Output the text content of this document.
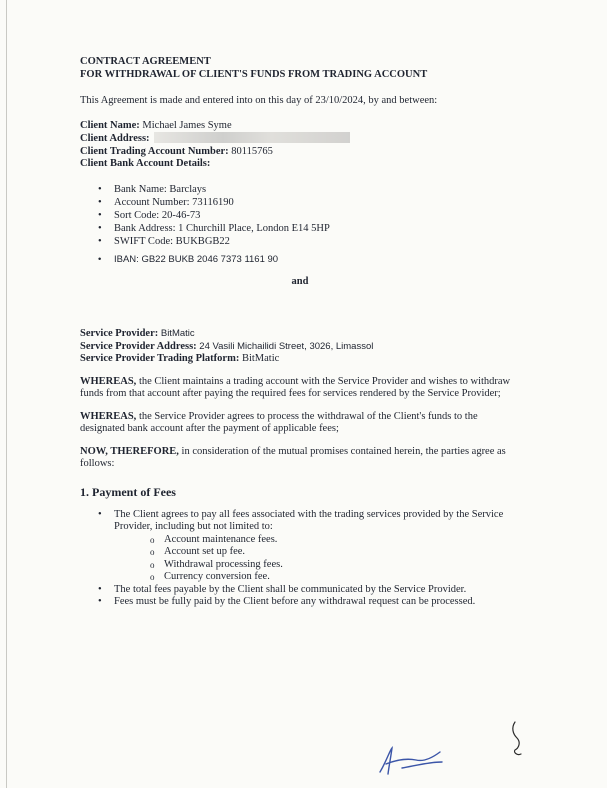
CONTRACT AGREEMENT
FOR WITHDRAWAL OF CLIENT'S FUNDS FROM TRADING ACCOUNT
This Agreement is made and entered into on this day of 23/10/2024, by and between:
Client Name: Michael James Syme
Client Address:
Client Trading Account Number: 80115765
Client Bank Account Details:
• Bank Name: Barclays
• Account Number: 73116190
• Sort Code: 20-46-73
• Bank Address: 1 Churchill Place, London E14 5HP
• SWIFT Code: BUKBGB22
• IBAN: GB22 BUKB 2046 7373 1161 90
and
Service Provider: BitMatic
Service Provider Address: 24 Vasili Michailidi Street, 3026, Limassol
Service Provider Trading Platform: BitMatic
WHEREAS, the Client maintains a trading account with the Service Provider and wishes to withdraw funds from that account after paying the required fees for services rendered by the Service Provider;
WHEREAS, the Service Provider agrees to process the withdrawal of the Client's funds to the designated bank account after the payment of applicable fees;
NOW, THEREFORE, in consideration of the mutual promises contained herein, the parties agree as follows:
1. Payment of Fees
• The Client agrees to pay all fees associated with the trading services provided by the Service Provider, including but not limited to:
o Account maintenance fees.
o Account set up fee.
o Withdrawal processing fees.
o Currency conversion fee.
• The total fees payable by the Client shall be communicated by the Service Provider.
• Fees must be fully paid by the Client before any withdrawal request can be processed.
